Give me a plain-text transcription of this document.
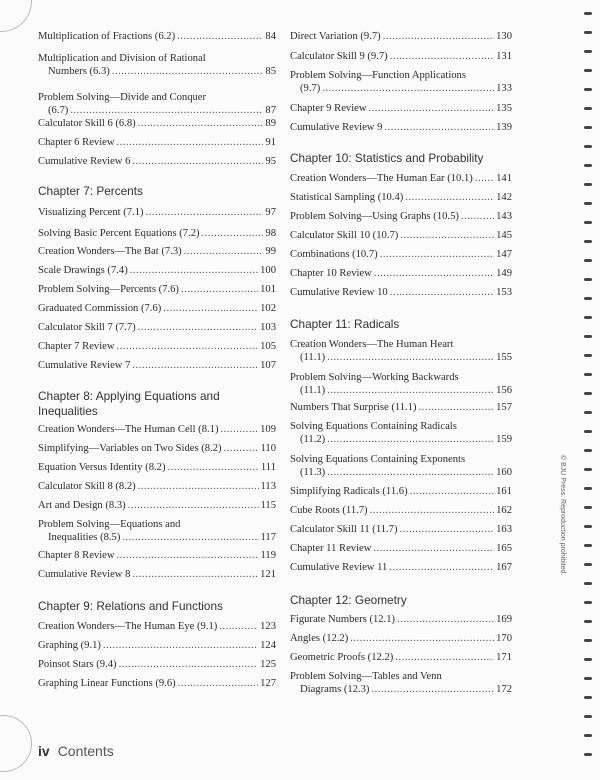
Multiplication of Fractions (6.2) .....	84
Multiplication and Division of Rational
Numbers (6.3) .....	85
Problem Solving—Divide and Conquer
(6.7) .....	87
Calculator Skill 6 (6.8) .....	89
Chapter 6 Review .....	91
Cumulative Review 6 .....	95
Chapter 7: Percents
Visualizing Percent (7.1) .....	97
Solving Basic Percent Equations (7.2) .....	98
Creation Wonders—The Bat (7.3) .....	99
Scale Drawings (7.4) .....	100
Problem Solving—Percents (7.6) .....	101
Graduated Commission (7.6) .....	102
Calculator Skill 7 (7.7) .....	103
Chapter 7 Review .....	105
Cumulative Review 7 .....	107
Chapter 8: Applying Equations and
Inequalities
Creation Wonders—The Human Cell (8.1) .....	109
Simplifying—Variables on Two Sides (8.2) .....	110
Equation Versus Identity (8.2) .....	111
Calculator Skill 8 (8.2) .....	113
Art and Design (8.3) .....	115
Problem Solving—Equations and
Inequalities (8.5) .....	117
Chapter 8 Review .....	119
Cumulative Review 8 .....	121
Chapter 9: Relations and Functions
Creation Wonders—The Human Eye (9.1) .....	123
Graphing (9.1) .....	124
Poinsot Stars (9.4) .....	125
Graphing Linear Functions (9.6) .....	127
Direct Variation (9.7) .....	130
Calculator Skill 9 (9.7) .....	131
Problem Solving—Function Applications
(9.7) .....	133
Chapter 9 Review .....	135
Cumulative Review 9 .....	139
Chapter 10: Statistics and Probability
Creation Wonders—The Human Ear (10.1) ..... 141
Statistical Sampling (10.4) .....	142
Problem Solving—Using Graphs (10.5) .....	143
Calculator Skill 10 (10.7) .....	145
Combinations (10.7) .....	147
Chapter 10 Review .....	149
Cumulative Review 10 .....	153
Chapter 11: Radicals
Creation Wonders—The Human Heart
(11.1) .....	155
Problem Solving—Working Backwards
(11.1) .....	156
Numbers That Surprise (11.1) .....	157
Solving Equations Containing Radicals
(11.2) .....	159
Solving Equations Containing Exponents
(11.3) .....	160
Simplifying Radicals (11.6) .....	161
Cube Roots (11.7) .....	162
Calculator Skill 11 (11.7) .....	163
Chapter 11 Review .....	165
Cumulative Review 11 .....	167
Chapter 12: Geometry
Figurate Numbers (12.1) .....	169
Angles (12.2) .....	170
Geometric Proofs (12.2) .....	171
Problem Solving—Tables and Venn
Diagrams (12.3) .....	172
iv Contents
© BJU Press. Reproduction prohibited.
